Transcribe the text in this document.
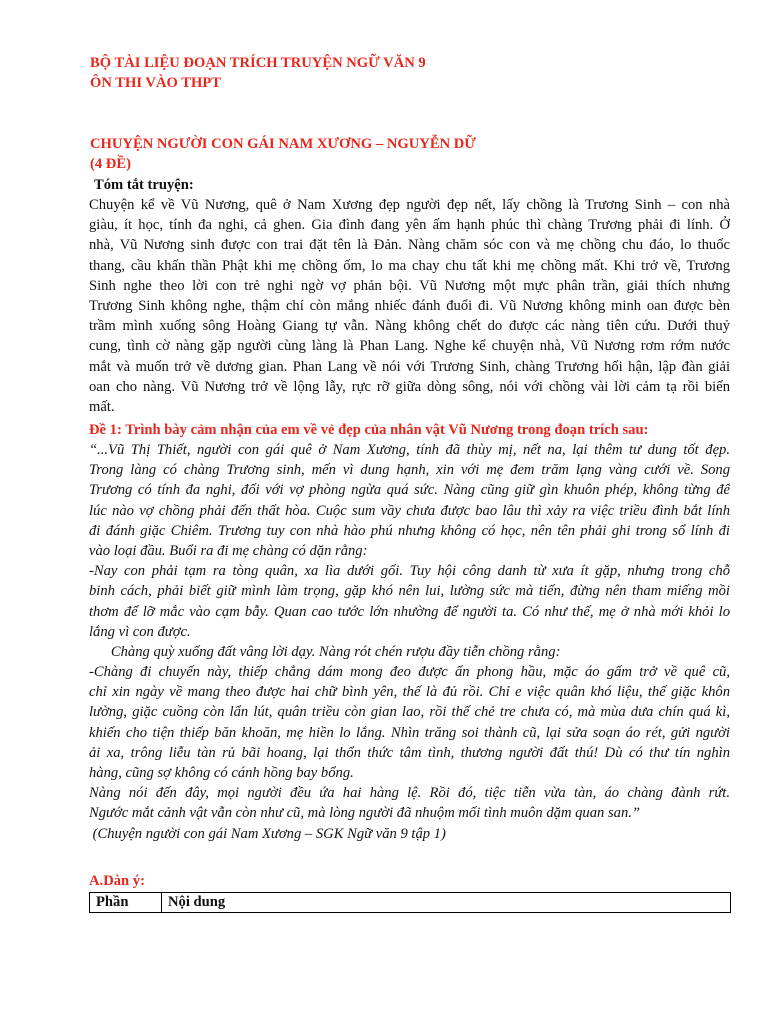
BỘ TÀI LIỆU ĐOẠN TRÍCH TRUYỆN NGỮ VĂN 9
ÔN THI VÀO THPT
CHUYỆN NGƯỜI CON GÁI NAM XƯƠNG – NGUYỄN DỮ
(4 ĐỀ)
Tóm tắt truyện:
Chuyện kể về Vũ Nương, quê ở Nam Xương đẹp người đẹp nết, lấy chồng là Trương Sinh – con nhà
giàu, ít học, tính đa nghi, cả ghen. Gia đình đang yên ấm hạnh phúc thì chàng Trương phải đi lính. Ở
nhà, Vũ Nương sinh được con trai đặt tên là Đản. Nàng chăm sóc con và mẹ chồng chu đáo, lo thuốc
thang, cầu khấn thần Phật khi mẹ chồng ốm, lo ma chay chu tất khi mẹ chồng mất. Khi trở về, Trương
Sinh nghe theo lời con trẻ nghi ngờ vợ phản bội. Vũ Nương một mực phân trần, giải thích nhưng
Trương Sinh không nghe, thậm chí còn mắng nhiếc đánh đuổi đi. Vũ Nương không minh oan được bèn
trầm mình xuống sông Hoàng Giang tự vẫn. Nàng không chết do được các nàng tiên cứu. Dưới thuỷ
cung, tình cờ nàng gặp người cùng làng là Phan Lang. Nghe kể chuyện nhà, Vũ Nương rơm rớm nước
mắt và muốn trở về dương gian. Phan Lang về nói với Trương Sinh, chàng Trương hối hận, lập đàn giải
oan cho nàng. Vũ Nương trở về lộng lẫy, rực rỡ giữa dòng sông, nói với chồng vài lời cảm tạ rồi biến
mất.
Đề 1: Trình bày cảm nhận của em về vẻ đẹp của nhân vật Vũ Nương trong đoạn trích sau:
“...Vũ Thị Thiết, người con gái quê ở Nam Xương, tính đã thùy mị, nết na, lại thêm tư dung tốt đẹp.
Trong làng có chàng Trương sinh, mến vì dung hạnh, xin với mẹ đem trăm lạng vàng cưới về. Song
Trương có tính đa nghi, đối với vợ phòng ngừa quá sức. Nàng cũng giữ gìn khuôn phép, không từng để
lúc nào vợ chồng phải đến thất hòa. Cuộc sum vầy chưa được bao lâu thì xảy ra việc triều đình bắt lính
đi đánh giặc Chiêm. Trương tuy con nhà hào phú nhưng không có học, nên tên phải ghi trong sổ lính đi
vào loại đầu. Buổi ra đi mẹ chàng có dặn rằng:
-Nay con phải tạm ra tòng quân, xa lìa dưới gối. Tuy hội công danh từ xưa ít gặp, nhưng trong chỗ
binh cách, phải biết giữ mình làm trọng, gặp khó nên lui, lường sức mà tiến, đừng nên tham miếng mồi
thơm để lỡ mắc vào cạm bẫy. Quan cao tước lớn nhường để người ta. Có như thế, mẹ ở nhà mới khỏi lo
lắng vì con được.
Chàng quỳ xuống đất vâng lời dạy. Nàng rót chén rượu đầy tiễn chồng rằng:
-Chàng đi chuyến này, thiếp chẳng dám mong đeo được ấn phong hầu, mặc áo gấm trở về quê cũ,
chỉ xin ngày về mang theo được hai chữ bình yên, thế là đủ rồi. Chỉ e việc quân khó liệu, thế giặc khôn
lường, giặc cuồng còn lẩn lút, quân triều còn gian lao, rồi thế chẻ tre chưa có, mà mùa dưa chín quá kì,
khiến cho tiện thiếp băn khoăn, mẹ hiền lo lắng. Nhìn trăng soi thành cũ, lại sửa soạn áo rét, gửi người
ải xa, trông liễu tàn rủ bãi hoang, lại thổn thức tâm tình, thương người đất thú! Dù có thư tín nghìn
hàng, cũng sợ không có cánh hồng bay bổng.
Nàng nói đến đây, mọi người đều ứa hai hàng lệ. Rồi đó, tiệc tiễn vừa tàn, áo chàng đành rứt.
Ngước mắt cảnh vật vẫn còn như cũ, mà lòng người đã nhuộm mối tình muôn dặm quan san.”
(Chuyện người con gái Nam Xương – SGK Ngữ văn 9 tập 1)
A.Dàn ý:
Phần	Nội dung
